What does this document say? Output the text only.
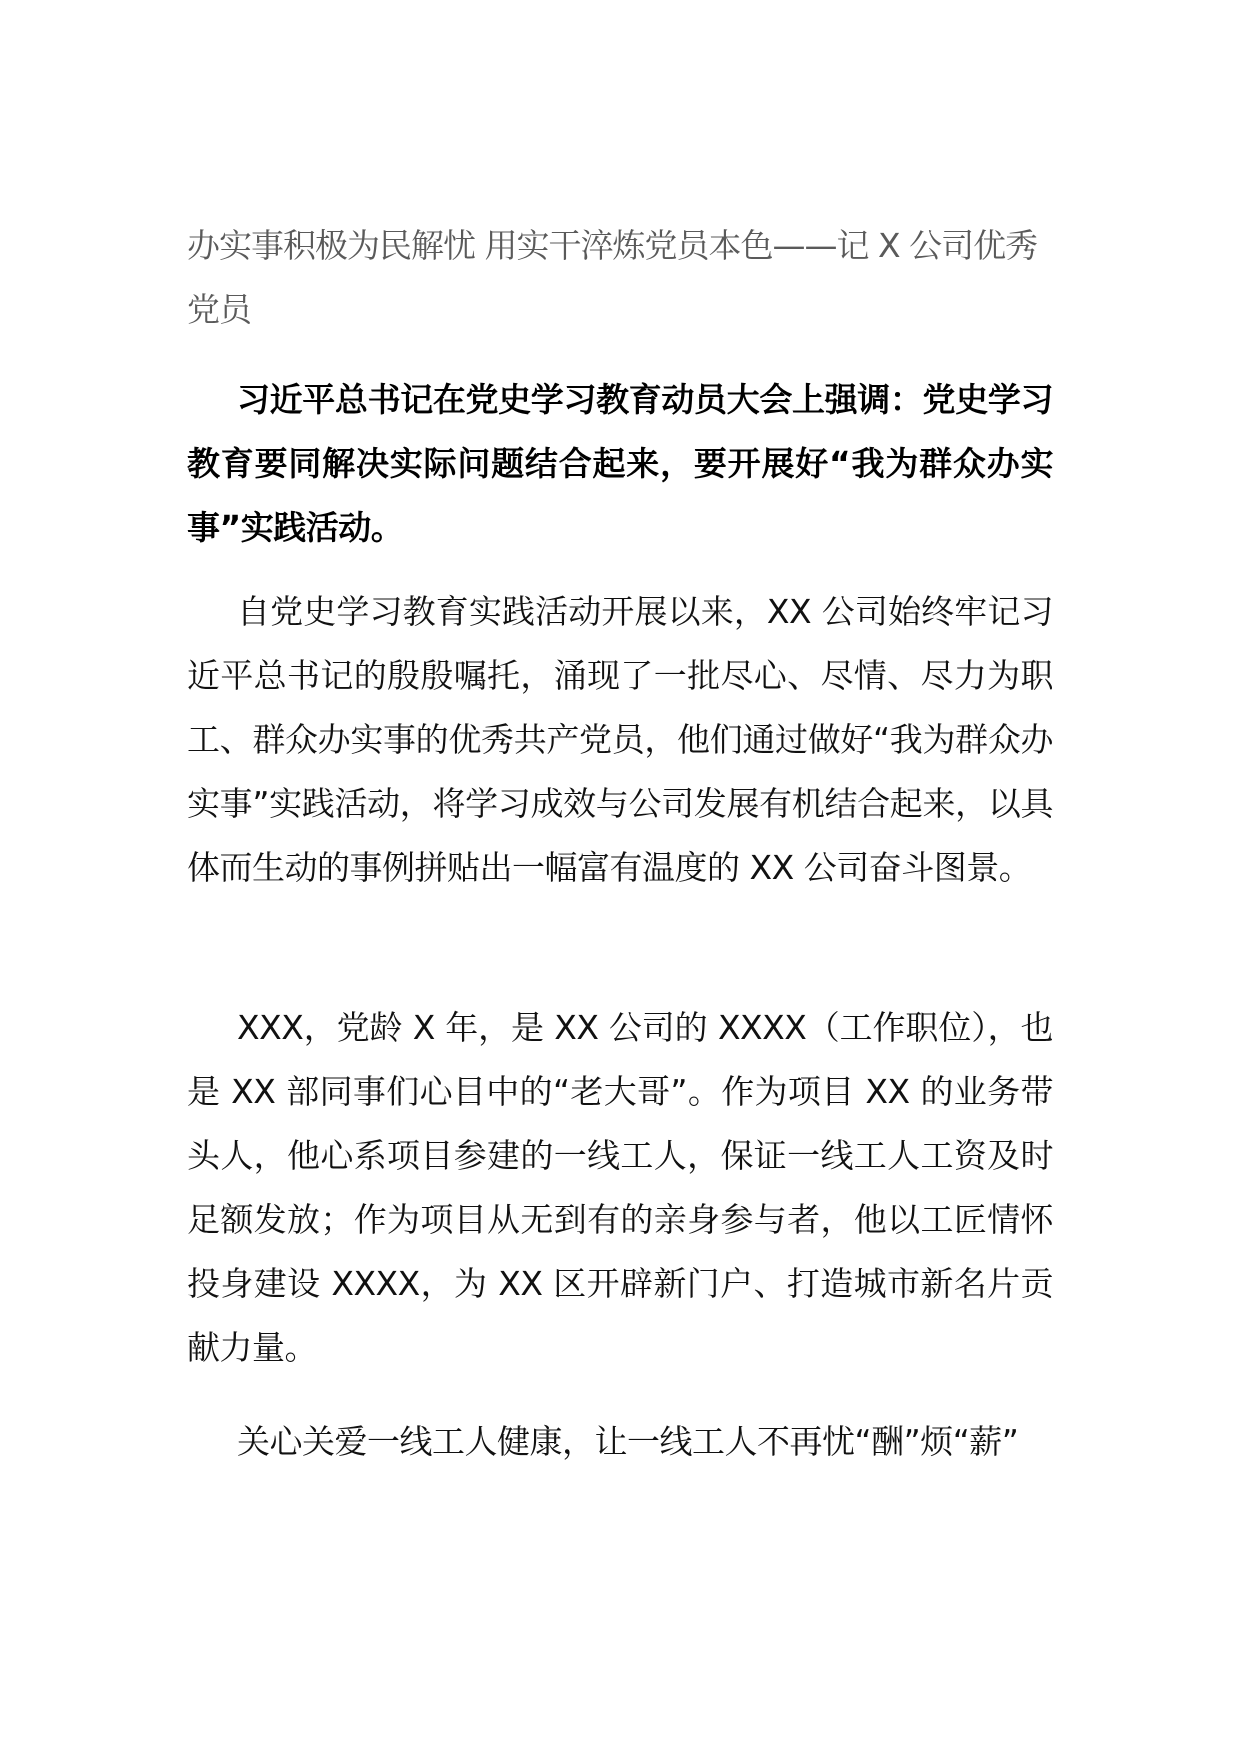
办实事积极为民解忧 用实干淬炼党员本色——记 X 公司优秀党员

习近平总书记在党史学习教育动员大会上强调：党史学习教育要同解决实际问题结合起来，要开展好“我为群众办实事”实践活动。

自党史学习教育实践活动开展以来，XX 公司始终牢记习近平总书记的殷殷嘱托，涌现了一批尽心、尽情、尽力为职工、群众办实事的优秀共产党员，他们通过做好“我为群众办实事”实践活动，将学习成效与公司发展有机结合起来，以具体而生动的事例拼贴出一幅富有温度的 XX 公司奋斗图景。

XXX，党龄 X 年，是 XX 公司的 XXXX（工作职位），也是 XX 部同事们心目中的“老大哥”。作为项目 XX 的业务带头人，他心系项目参建的一线工人，保证一线工人工资及时足额发放；作为项目从无到有的亲身参与者，他以工匠情怀投身建设 XXXX，为 XX 区开辟新门户、打造城市新名片贡献力量。

关心关爱一线工人健康，让一线工人不再忧“酬”烦“薪”
